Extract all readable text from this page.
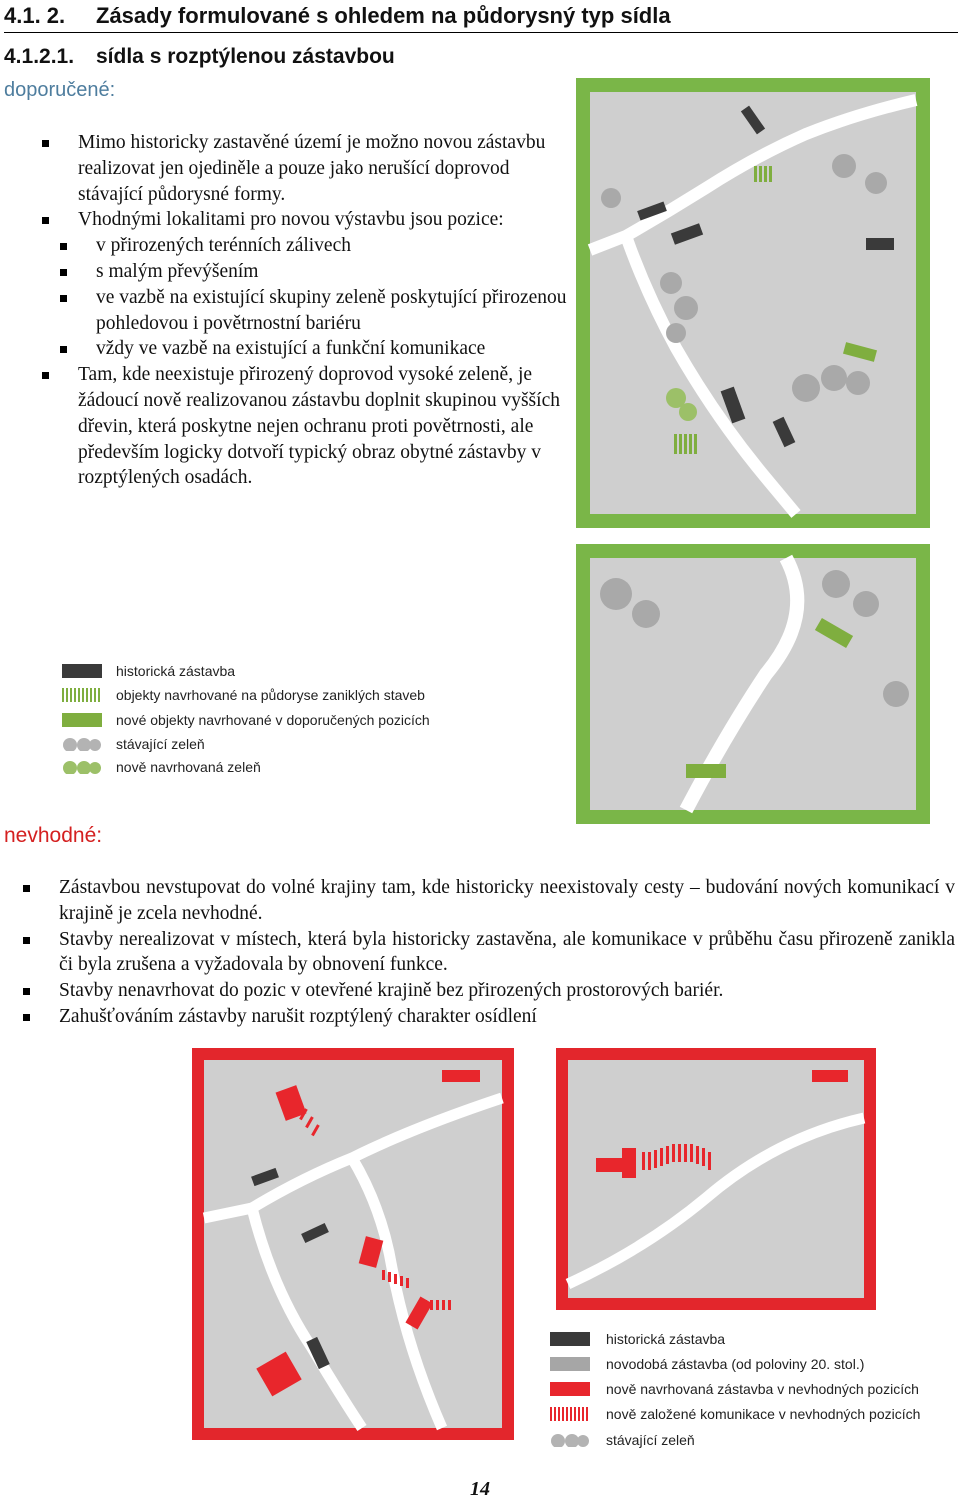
4.1. 2. Zásady formulované s ohledem na půdorysný typ sídla
4.1.2.1. sídla s rozptýlenou zástavbou
doporučené:
Mimo historicky zastavěné území je možno novou zástavbu realizovat jen ojediněle a pouze jako nerušící doprovod stávající půdorysné formy.
Vhodnými lokalitami pro novou výstavbu jsou pozice:
v přirozených terénních zálivech
s malým převýšením
ve vazbě na existující skupiny zeleně poskytující přirozenou pohledovou i povětrnostní bariéru
vždy ve vazbě na existující a funkční komunikace
Tam, kde neexistuje přirozený doprovod vysoké zeleně, je žádoucí nově realizovanou zástavbu doplnit skupinou vyšších dřevin, která poskytne nejen ochranu proti povětrnosti, ale především logicky dotvoří typický obraz obytné zástavby v rozptýlených osadách.
historická zástavba
objekty navrhované na půdoryse zaniklých staveb
nové objekty navrhované v doporučených pozicích
stávající zeleň
nově navrhovaná zeleň
nevhodné:
Zástavbou nevstupovat do volné krajiny tam, kde historicky neexistovaly cesty – budování nových komunikací v krajině je zcela nevhodné.
Stavby nerealizovat v místech, která byla historicky zastavěna, ale komunikace v průběhu času přirozeně zanikla či byla zrušena a vyžadovala by obnovení funkce.
Stavby nenavrhovat do pozic v otevřené krajině bez přirozených prostorových bariér.
Zahušťováním zástavby narušit rozptýlený charakter osídlení
historická zástavba
novodobá zástavba (od poloviny 20. stol.)
nově navrhovaná zástavba v nevhodných pozicích
nově založené komunikace v nevhodných pozicích
stávající zeleň
14
